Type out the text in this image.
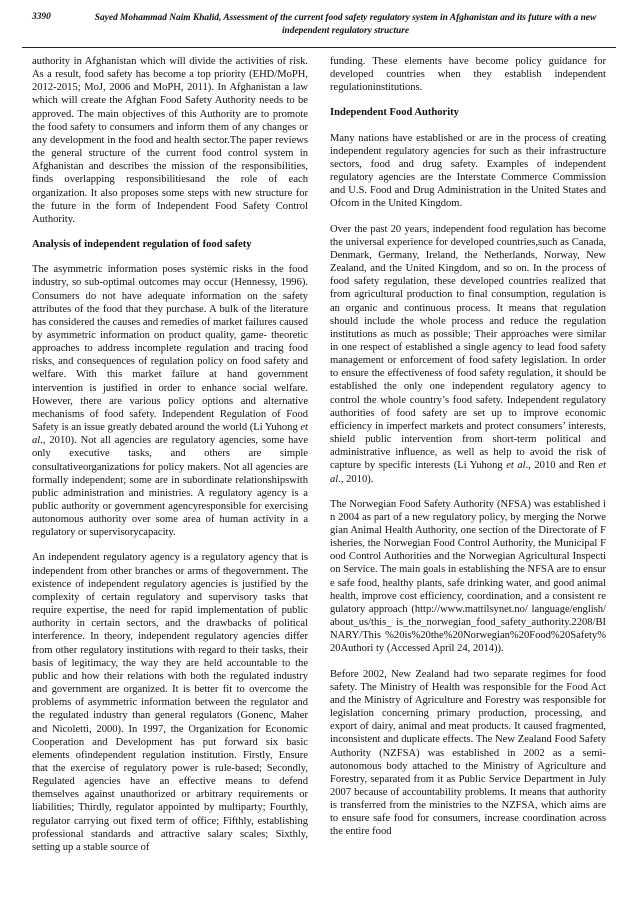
3390	Sayed Mohammad Naim Khalid, Assessment of the current food safety regulatory system in Afghanistan and its future with a new independent regulatory structure

authority in Afghanistan which will divide the activities of risk. As a result, food safety has become a top priority (EHD/MoPH, 2012-2015; MoJ, 2006 and MoPH, 2011). In Afghanistan a law which will create the Afghan Food Safety Authority needs to be approved. The main objectives of this Authority are to promote the food safety to consumers and inform them of any changes or any development in the food and health sector.The paper reviews the general structure of the current food control system in Afghanistan and describes the mission of the responsibilities, finds overlapping responsibilitiesand the role of each organization. It also proposes some steps with new structure for the future in the form of Independent Food Safety Control Authority.

Analysis of independent regulation of food safety

The asymmetric information poses systemic risks in the food industry, so sub-optimal outcomes may occur (Hennessy, 1996). Consumers do not have adequate information on the safety attributes of the food that they purchase. A bulk of the literature has considered the causes and remedies of market failures caused by asymmetric information on product quality, game- theoretic approaches to address incomplete regulation and tracing food risks, and consequences of regulation policy on food safety and welfare. With this market failure at hand government intervention is justified in order to enhance social welfare. However, there are various policy options and alternative mechanisms of food safety. Independent Regulation of Food Safety is an issue greatly debated around the world (Li Yuhong et al., 2010). Not all agencies are regulatory agencies, some have only executive tasks, and others are simple consultativeorganizations for policy makers. Not all agencies are formally independent; some are in subordinate relationshipswith public administration and ministries. A regulatory agency is a public authority or government agencyresponsible for exercising autonomous authority over some area of human activity in a regulatory or supervisorycapacity.

An independent regulatory agency is a regulatory agency that is independent from other branches or arms of thegovernment. The existence of independent regulatory agencies is justified by the complexity of certain regulatory and supervisory tasks that require expertise, the need for rapid implementation of public authority in certain sectors, and the drawbacks of political interference. In theory, independent regulatory agencies differ from other regulatory institutions with regard to their tasks, their basis of legitimacy, the way they are held accountable to the public and how their relations with both the regulated industry and government are organized. It is better fit to overcome the problems of asymmetric information between the regulator and the regulated industry than general regulators (Gonenc, Maher and Nicoletti, 2000). In 1997, the Organization for Economic Cooperation and Development has put forward six basic elements ofindependent regulation institution. Firstly, Ensure that the exercise of regulatory power is rule-based; Secondly, Regulated agencies have an effective means to defend themselves against unauthorized or arbitrary requirements or liabilities; Thirdly, regulator appointed by multiparty; Fourthly, regulator carrying out fixed term of office; Fifthly, establishing professional standards and attractive salary scales; Sixthly, setting up a stable source of

funding. These elements have become policy guidance for developed countries when they establish independent regulationinstitutions.

Independent Food Authority

Many nations have established or are in the process of creating independent regulatory agencies for such as their infrastructure sectors, food and drug safety. Examples of independent regulatory agencies are the Interstate Commerce Commission and U.S. Food and Drug Administration in the United States and Ofcom in the United Kingdom.

Over the past 20 years, independent food regulation has become the universal experience for developed countries,such as Canada, Denmark, Germany, Ireland, the Netherlands, Norway, New Zealand, and the United Kingdom, and so on. In the process of food safety regulation, these developed countries realized that from agricultural production to final consumption, regulation is an organic and continuous process. It means that regulation should include the whole process and reduce the regulation institutions as much as possible; Their approaches were similar in one respect of established a single agency to lead food safety management or enforcement of food safety legislation. In order to ensure the effectiveness of food safety regulation, it should be established the only one independent regulatory agency to control the whole country’s food safety. Independent regulatory authorities of food safety are set up to improve economic efficiency in imperfect markets and protect consumers’ interests, shield public intervention from short-term political and administrative influence, as well as help to avoid the risk of capture by specific interests (Li Yuhong et al., 2010 and Ren et al., 2010).

The Norwegian Food Safety Authority (NFSA) was established in 2004 as part of a new regulatory policy, by merging the Norwegian Animal Health Authority, one section of the Directorate of Fisheries, the Norwegian Food Control Authority, the Municipal Food Control Authorities and the Norwegian Agricultural Inspection Service. The main goals in establishing the NFSA are to ensure safe food, healthy plants, safe drinking water, and good animal health, improve cost efficiency, coordination, and a consistent regulatory approach (http://www.mattilsynet.no/ language/english/about_us/this_ is_the_norwegian_food_safety_authority.2208/BINARY/This %20is%20the%20Norwegian%20Food%20Safety%20Authori ty (Accessed April 24, 2014)).

Before 2002, New Zealand had two separate regimes for food safety. The Ministry of Health was responsible for the Food Act and the Ministry of Agriculture and Forestry was responsible for legislation concerning primary production, processing, and export of dairy, animal and meat products. It caused fragmented, inconsistent and duplicate effects. The New Zealand Food Safety Authority (NZFSA) was established in 2002 as a semi-autonomous body attached to the Ministry of Agriculture and Forestry, separated from it as Public Service Department in July 2007 because of accountability problems. It means that authority is transferred from the ministries to the NZFSA, which aims are to ensure safe food for consumers, increase coordination across the entire food
